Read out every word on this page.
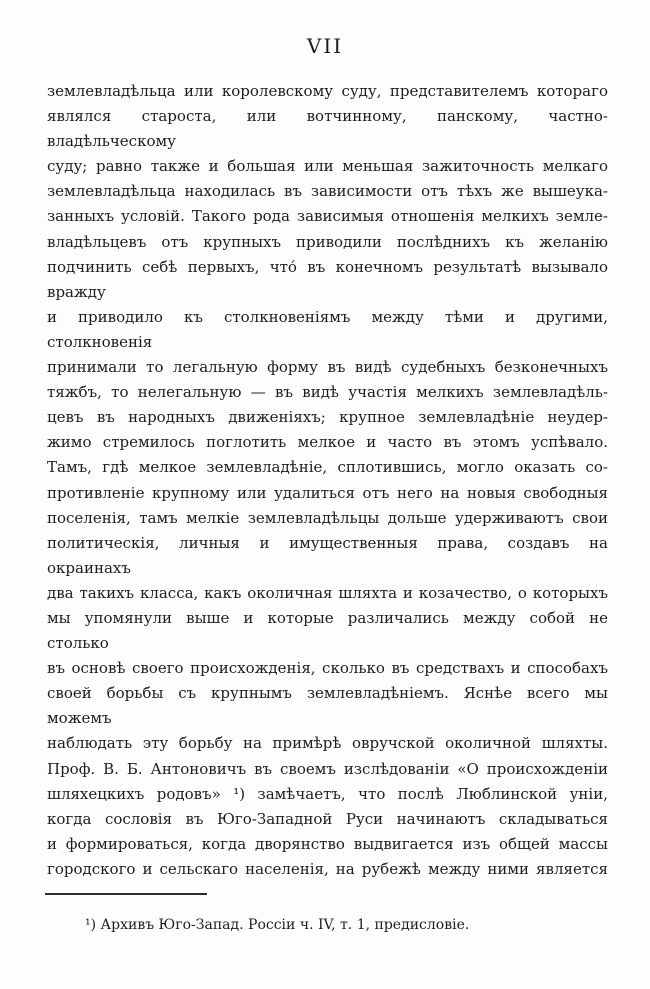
VII
землевладѣльца или королевскому суду, представителемъ котораго
являлся староста, или вотчинному, панскому, частно-владѣльческому
суду; равно также и большая или меньшая зажиточность мелкаго
землевладѣльца находилась въ зависимости отъ тѣхъ же вышеука-
занныхъ условій. Такого рода зависимыя отношенія мелкихъ земле-
владѣльцевъ отъ крупныхъ приводили послѣднихъ къ желанію
подчинить себѣ первыхъ, что́ въ конечномъ результатѣ вызывало вражду
и приводило къ столкновеніямъ между тѣми и другими, столкновенія
принимали то легальную форму въ видѣ судебныхъ безконечныхъ
тяжбъ, то нелегальную — въ видѣ участія мелкихъ землевладѣль-
цевъ въ народныхъ движеніяхъ; крупное землевладѣніе неудер-
жимо стремилось поглотить мелкое и часто въ этомъ успѣвало.
Тамъ, гдѣ мелкое землевладѣніе, сплотившись, могло оказать со-
противленіе крупному или удалиться отъ него на новыя свободныя
поселенія, тамъ мелкіе землевладѣльцы дольше удерживаютъ свои
политическія, личныя и имущественныя права, создавъ на окраинахъ
два такихъ класса, какъ околичная шляхта и козачество, о которыхъ
мы упомянули выше и которые различались между собой не столько
въ основѣ своего происхожденія, сколько въ средствахъ и способахъ
своей борьбы съ крупнымъ землевладѣніемъ. Яснѣе всего мы можемъ
наблюдать эту борьбу на примѣрѣ овручской околичной шляхты.
Проф. В. Б. Антоновичъ въ своемъ изслѣдованіи «О происхожденіи
шляхецкихъ родовъ» ¹) замѣчаетъ, что послѣ Люблинской уніи,
когда сословія въ Юго-Западной Руси начинаютъ складываться
и формироваться, когда дворянство выдвигается изъ общей массы
городского и сельскаго населенія, на рубежѣ между ними является
¹) Архивъ Юго-Запад. Россіи ч. IV, т. 1, предисловіе.
